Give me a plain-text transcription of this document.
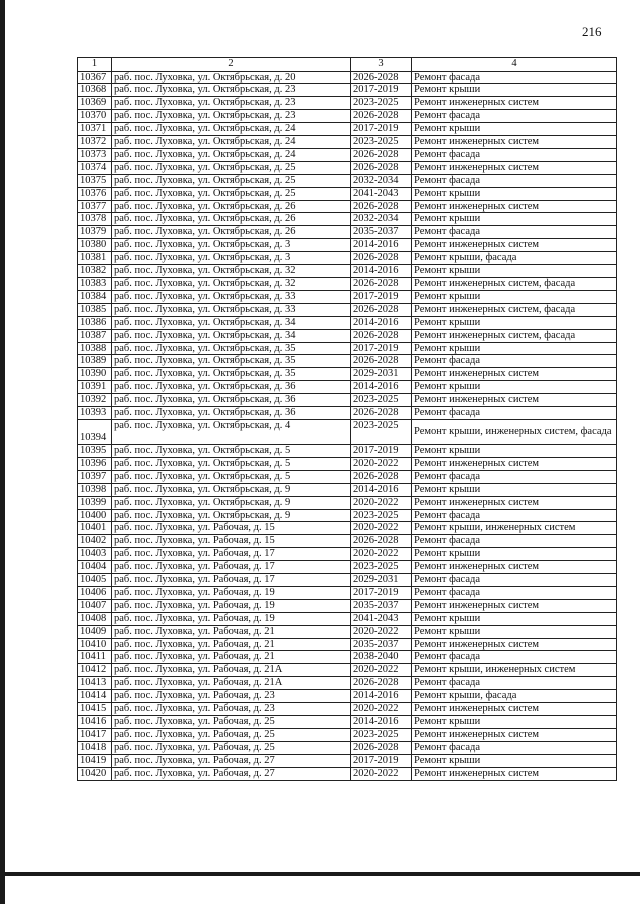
216
1	2	3	4
10367	раб. пос. Луховка, ул. Октябрьская, д. 20	2026-2028	Ремонт фасада
10368	раб. пос. Луховка, ул. Октябрьская, д. 23	2017-2019	Ремонт крыши
10369	раб. пос. Луховка, ул. Октябрьская, д. 23	2023-2025	Ремонт инженерных систем
10370	раб. пос. Луховка, ул. Октябрьская, д. 23	2026-2028	Ремонт фасада
10371	раб. пос. Луховка, ул. Октябрьская, д. 24	2017-2019	Ремонт крыши
10372	раб. пос. Луховка, ул. Октябрьская, д. 24	2023-2025	Ремонт инженерных систем
10373	раб. пос. Луховка, ул. Октябрьская, д. 24	2026-2028	Ремонт фасада
10374	раб. пос. Луховка, ул. Октябрьская, д. 25	2026-2028	Ремонт инженерных систем
10375	раб. пос. Луховка, ул. Октябрьская, д. 25	2032-2034	Ремонт фасада
10376	раб. пос. Луховка, ул. Октябрьская, д. 25	2041-2043	Ремонт крыши
10377	раб. пос. Луховка, ул. Октябрьская, д. 26	2026-2028	Ремонт инженерных систем
10378	раб. пос. Луховка, ул. Октябрьская, д. 26	2032-2034	Ремонт крыши
10379	раб. пос. Луховка, ул. Октябрьская, д. 26	2035-2037	Ремонт фасада
10380	раб. пос. Луховка, ул. Октябрьская, д. 3	2014-2016	Ремонт инженерных систем
10381	раб. пос. Луховка, ул. Октябрьская, д. 3	2026-2028	Ремонт крыши, фасада
10382	раб. пос. Луховка, ул. Октябрьская, д. 32	2014-2016	Ремонт крыши
10383	раб. пос. Луховка, ул. Октябрьская, д. 32	2026-2028	Ремонт инженерных систем, фасада
10384	раб. пос. Луховка, ул. Октябрьская, д. 33	2017-2019	Ремонт крыши
10385	раб. пос. Луховка, ул. Октябрьская, д. 33	2026-2028	Ремонт инженерных систем, фасада
10386	раб. пос. Луховка, ул. Октябрьская, д. 34	2014-2016	Ремонт крыши
10387	раб. пос. Луховка, ул. Октябрьская, д. 34	2026-2028	Ремонт инженерных систем, фасада
10388	раб. пос. Луховка, ул. Октябрьская, д. 35	2017-2019	Ремонт крыши
10389	раб. пос. Луховка, ул. Октябрьская, д. 35	2026-2028	Ремонт фасада
10390	раб. пос. Луховка, ул. Октябрьская, д. 35	2029-2031	Ремонт инженерных систем
10391	раб. пос. Луховка, ул. Октябрьская, д. 36	2014-2016	Ремонт крыши
10392	раб. пос. Луховка, ул. Октябрьская, д. 36	2023-2025	Ремонт инженерных систем
10393	раб. пос. Луховка, ул. Октябрьская, д. 36	2026-2028	Ремонт фасада
10394	раб. пос. Луховка, ул. Октябрьская, д. 4	2023-2025	Ремонт крыши, инженерных систем, фасада
10395	раб. пос. Луховка, ул. Октябрьская, д. 5	2017-2019	Ремонт крыши
10396	раб. пос. Луховка, ул. Октябрьская, д. 5	2020-2022	Ремонт инженерных систем
10397	раб. пос. Луховка, ул. Октябрьская, д. 5	2026-2028	Ремонт фасада
10398	раб. пос. Луховка, ул. Октябрьская, д. 9	2014-2016	Ремонт крыши
10399	раб. пос. Луховка, ул. Октябрьская, д. 9	2020-2022	Ремонт инженерных систем
10400	раб. пос. Луховка, ул. Октябрьская, д. 9	2023-2025	Ремонт фасада
10401	раб. пос. Луховка, ул. Рабочая, д. 15	2020-2022	Ремонт крыши, инженерных систем
10402	раб. пос. Луховка, ул. Рабочая, д. 15	2026-2028	Ремонт фасада
10403	раб. пос. Луховка, ул. Рабочая, д. 17	2020-2022	Ремонт крыши
10404	раб. пос. Луховка, ул. Рабочая, д. 17	2023-2025	Ремонт инженерных систем
10405	раб. пос. Луховка, ул. Рабочая, д. 17	2029-2031	Ремонт фасада
10406	раб. пос. Луховка, ул. Рабочая, д. 19	2017-2019	Ремонт фасада
10407	раб. пос. Луховка, ул. Рабочая, д. 19	2035-2037	Ремонт инженерных систем
10408	раб. пос. Луховка, ул. Рабочая, д. 19	2041-2043	Ремонт крыши
10409	раб. пос. Луховка, ул. Рабочая, д. 21	2020-2022	Ремонт крыши
10410	раб. пос. Луховка, ул. Рабочая, д. 21	2035-2037	Ремонт инженерных систем
10411	раб. пос. Луховка, ул. Рабочая, д. 21	2038-2040	Ремонт фасада
10412	раб. пос. Луховка, ул. Рабочая, д. 21А	2020-2022	Ремонт крыши, инженерных систем
10413	раб. пос. Луховка, ул. Рабочая, д. 21А	2026-2028	Ремонт фасада
10414	раб. пос. Луховка, ул. Рабочая, д. 23	2014-2016	Ремонт крыши, фасада
10415	раб. пос. Луховка, ул. Рабочая, д. 23	2020-2022	Ремонт инженерных систем
10416	раб. пос. Луховка, ул. Рабочая, д. 25	2014-2016	Ремонт крыши
10417	раб. пос. Луховка, ул. Рабочая, д. 25	2023-2025	Ремонт инженерных систем
10418	раб. пос. Луховка, ул. Рабочая, д. 25	2026-2028	Ремонт фасада
10419	раб. пос. Луховка, ул. Рабочая, д. 27	2017-2019	Ремонт крыши
10420	раб. пос. Луховка, ул. Рабочая, д. 27	2020-2022	Ремонт инженерных систем
